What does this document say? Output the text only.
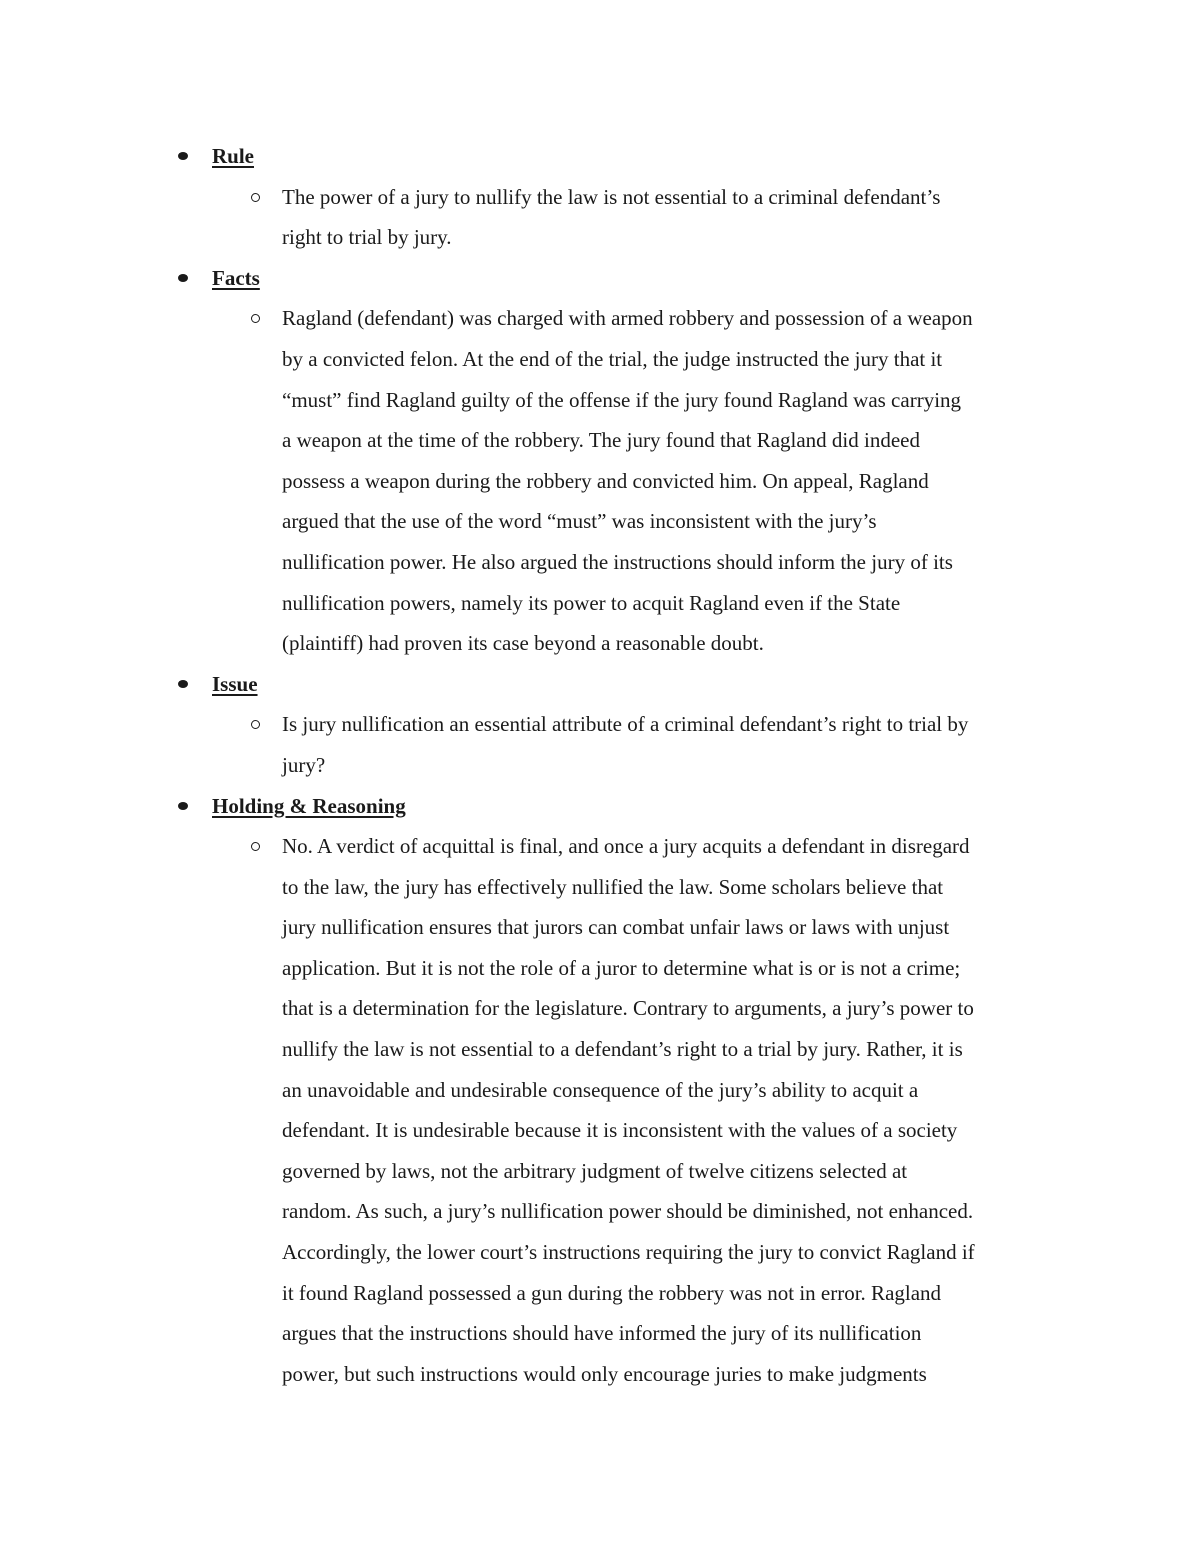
Rule
The power of a jury to nullify the law is not essential to a criminal defendant’s
right to trial by jury.
Facts
Ragland (defendant) was charged with armed robbery and possession of a weapon
by a convicted felon. At the end of the trial, the judge instructed the jury that it
“must” find Ragland guilty of the offense if the jury found Ragland was carrying
a weapon at the time of the robbery. The jury found that Ragland did indeed
possess a weapon during the robbery and convicted him. On appeal, Ragland
argued that the use of the word “must” was inconsistent with the jury’s
nullification power. He also argued the instructions should inform the jury of its
nullification powers, namely its power to acquit Ragland even if the State
(plaintiff) had proven its case beyond a reasonable doubt.
Issue
Is jury nullification an essential attribute of a criminal defendant’s right to trial by
jury?
Holding & Reasoning
No. A verdict of acquittal is final, and once a jury acquits a defendant in disregard
to the law, the jury has effectively nullified the law. Some scholars believe that
jury nullification ensures that jurors can combat unfair laws or laws with unjust
application. But it is not the role of a juror to determine what is or is not a crime;
that is a determination for the legislature. Contrary to arguments, a jury’s power to
nullify the law is not essential to a defendant’s right to a trial by jury. Rather, it is
an unavoidable and undesirable consequence of the jury’s ability to acquit a
defendant. It is undesirable because it is inconsistent with the values of a society
governed by laws, not the arbitrary judgment of twelve citizens selected at
random. As such, a jury’s nullification power should be diminished, not enhanced.
Accordingly, the lower court’s instructions requiring the jury to convict Ragland if
it found Ragland possessed a gun during the robbery was not in error. Ragland
argues that the instructions should have informed the jury of its nullification
power, but such instructions would only encourage juries to make judgments
